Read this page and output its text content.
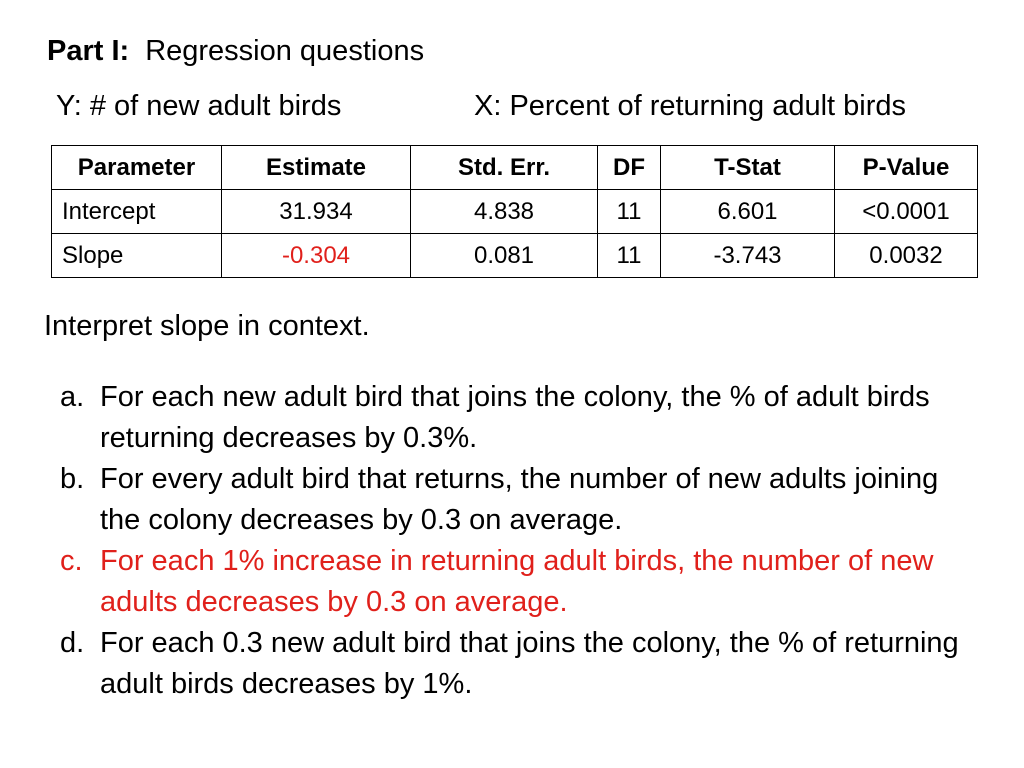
Part I: Regression questions
Y: # of new adult birds	X: Percent of returning adult birds
Parameter	Estimate	Std. Err.	DF	T-Stat	P-Value
Intercept	31.934	4.838	11	6.601	<0.0001
Slope	-0.304	0.081	11	-3.743	0.0032
Interpret slope in context.
a. For each new adult bird that joins the colony, the % of adult birds returning decreases by 0.3%.
b. For every adult bird that returns, the number of new adults joining the colony decreases by 0.3 on average.
c. For each 1% increase in returning adult birds, the number of new adults decreases by 0.3 on average.
d. For each 0.3 new adult bird that joins the colony, the % of returning adult birds decreases by 1%.
